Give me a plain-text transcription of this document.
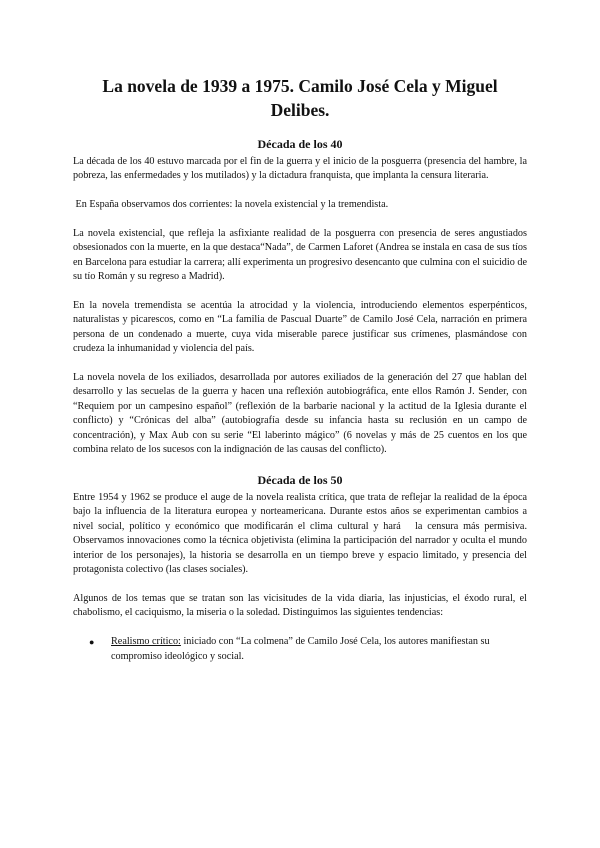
La novela de 1939 a 1975. Camilo José Cela y Miguel Delibes.
Década de los 40

La década de los 40 estuvo marcada por el fin de la guerra y el inicio de la posguerra (presencia del hambre, la pobreza, las enfermedades y los mutilados) y la dictadura franquista, que implanta la censura literaria.

En España observamos dos corrientes: la novela existencial y la tremendista.

La novela existencial, que refleja la asfixiante realidad de la posguerra con presencia de seres angustiados obsesionados con la muerte, en la que destaca“Nada”, de Carmen Laforet (Andrea se instala en casa de sus tíos en Barcelona para estudiar la carrera; allí experimenta un progresivo desencanto que culmina con el suicidio de su tío Román y su regreso a Madrid).

En la novela tremendista se acentúa la atrocidad y la violencia, introduciendo elementos esperpénticos, naturalistas y picarescos, como en “La familia de Pascual Duarte” de Camilo José Cela, narración en primera persona de un condenado a muerte, cuya vida miserable parece justificar sus crímenes, plasmándose con crudeza la inhumanidad y violencia del país.

La novela novela de los exiliados, desarrollada por autores exiliados de la generación del 27 que hablan del desarrollo y las secuelas de la guerra y hacen una reflexión autobiográfica, ente ellos Ramón J. Sender, con “Requiem por un campesino español” (reflexión de la barbarie nacional y la actitud de la Iglesia durante el conflicto) y “Crónicas del alba” (autobiografía desde su infancia hasta su reclusión en un campo de concentración), y Max Aub con su serie “El laberinto mágico” (6 novelas y más de 25 cuentos en los que combina relato de los sucesos con la indignación de las causas del conflicto).

Década de los 50

Entre 1954 y 1962 se produce el auge de la novela realista crítica, que trata de reflejar la realidad de la época bajo la influencia de la literatura europea y norteamericana. Durante estos años se experimentan cambios a nivel social, político y económico que modificarán el clima cultural y hará   la censura más permisiva. Observamos innovaciones como la técnica objetivista (elimina la participación del narrador y oculta el mundo interior de los personajes), la historia se desarrolla en un tiempo breve y espacio limitado, y presencia del protagonista colectivo (las clases sociales).

Algunos de los temas que se tratan son las vicisitudes de la vida diaria, las injusticias, el éxodo rural, el chabolismo, el caciquismo, la miseria o la soledad. Distinguimos las siguientes tendencias:

● Realismo crítico: iniciado con “La colmena” de Camilo José Cela, los autores manifiestan su compromiso ideológico y social.
